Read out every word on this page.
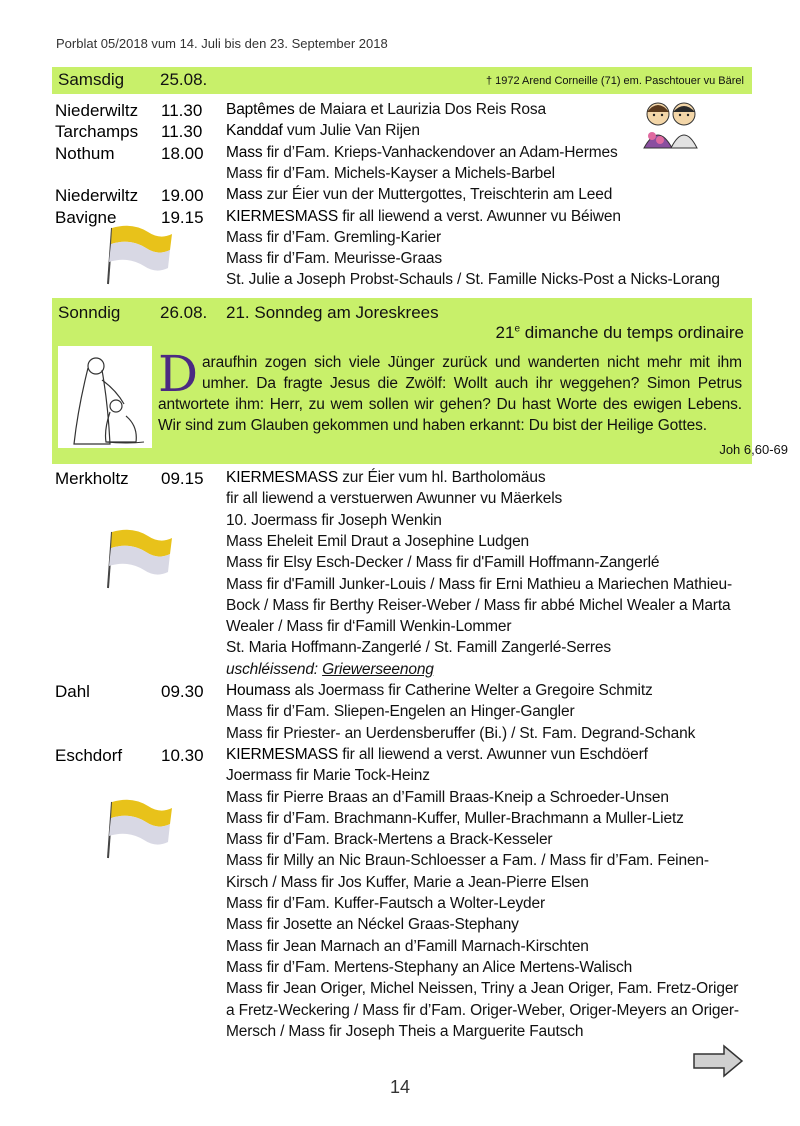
Porblat 05/2018 vum 14. Juli bis den 23. September 2018
Samsdig 25.08.	† 1972 Arend Corneille (71) em. Paschtouer vu Bärel
Niederwiltz 11.30 Baptêmes de Maiara et Laurizia Dos Reis Rosa
Tarchamps 11.30 Kanddaf vum Julie Van Rijen
Nothum	18.00 Mass fir d’Fam. Krieps-Vanhackendover an Adam-Hermes
Mass fir d’Fam. Michels-Kayser a Michels-Barbel
Niederwiltz 19.00 Mass zur Éier vun der Muttergottes, Treischterin am Leed
Bavigne	19.15 KIERMESMASS fir all liewend a verst. Awunner vu Béiwen
Mass fir d’Fam. Gremling-Karier
Mass fir d’Fam. Meurisse-Graas
St. Julie a Joseph Probst-Schauls / St. Famille Nicks-Post a Nicks-Lorang
Sonndig 26.08. 21. Sonndeg am Joreskrees
21e dimanche du temps ordinaire
Daraufhin zogen sich viele Jünger zurück und wanderten nicht mehr mit ihm umher. Da fragte Jesus die Zwölf: Wollt auch ihr weggehen? Simon Petrus antwortete ihm: Herr, zu wem sollen wir gehen? Du hast Worte des ewigen Lebens. Wir sind zum Glauben gekommen und haben erkannt: Du bist der Heilige Gottes.
Joh 6,60-69
Merkholtz 09.15 KIERMESMASS zur Éier vum hl. Bartholomäus
fir all liewend a verstuerwen Awunner vu Mäerkels
10. Joermass fir Joseph Wenkin
Mass Eheleit Emil Draut a Josephine Ludgen
Mass fir Elsy Esch-Decker / Mass fir d'Famill Hoffmann-Zangerlé
Mass fir d'Famill Junker-Louis / Mass fir Erni Mathieu a Mariechen Mathieu-
Bock / Mass fir Berthy Reiser-Weber / Mass fir abbé Michel Wealer a Marta
Wealer / Mass fir d‘Famill Wenkin-Lommer
St. Maria Hoffmann-Zangerlé / St. Famill Zangerlé-Serres
uschléissend: Griewerseenong
Dahl	09.30 Houmass als Joermass fir Catherine Welter a Gregoire Schmitz
Mass fir d’Fam. Sliepen-Engelen an Hinger-Gangler
Mass fir Priester- an Uerdensberuffer (Bi.) / St. Fam. Degrand-Schank
Eschdorf 10.30 KIERMESMASS fir all liewend a verst. Awunner vun Eschdöerf
Joermass fir Marie Tock-Heinz
Mass fir Pierre Braas an d’Famill Braas-Kneip a Schroeder-Unsen
Mass fir d’Fam. Brachmann-Kuffer, Muller-Brachmann a Muller-Lietz
Mass fir d’Fam. Brack-Mertens a Brack-Kesseler
Mass fir Milly an Nic Braun-Schloesser a Fam. / Mass fir d’Fam. Feinen-
Kirsch / Mass fir Jos Kuffer, Marie a Jean-Pierre Elsen
Mass fir d’Fam. Kuffer-Fautsch a Wolter-Leyder
Mass fir Josette an Néckel Graas-Stephany
Mass fir Jean Marnach an d’Famill Marnach-Kirschten
Mass fir d’Fam. Mertens-Stephany an Alice Mertens-Walisch
Mass fir Jean Origer, Michel Neissen, Triny a Jean Origer, Fam. Fretz-Origer
a Fretz-Weckering / Mass fir d’Fam. Origer-Weber, Origer-Meyers an Origer-
Mersch / Mass fir Joseph Theis a Marguerite Fautsch
14
